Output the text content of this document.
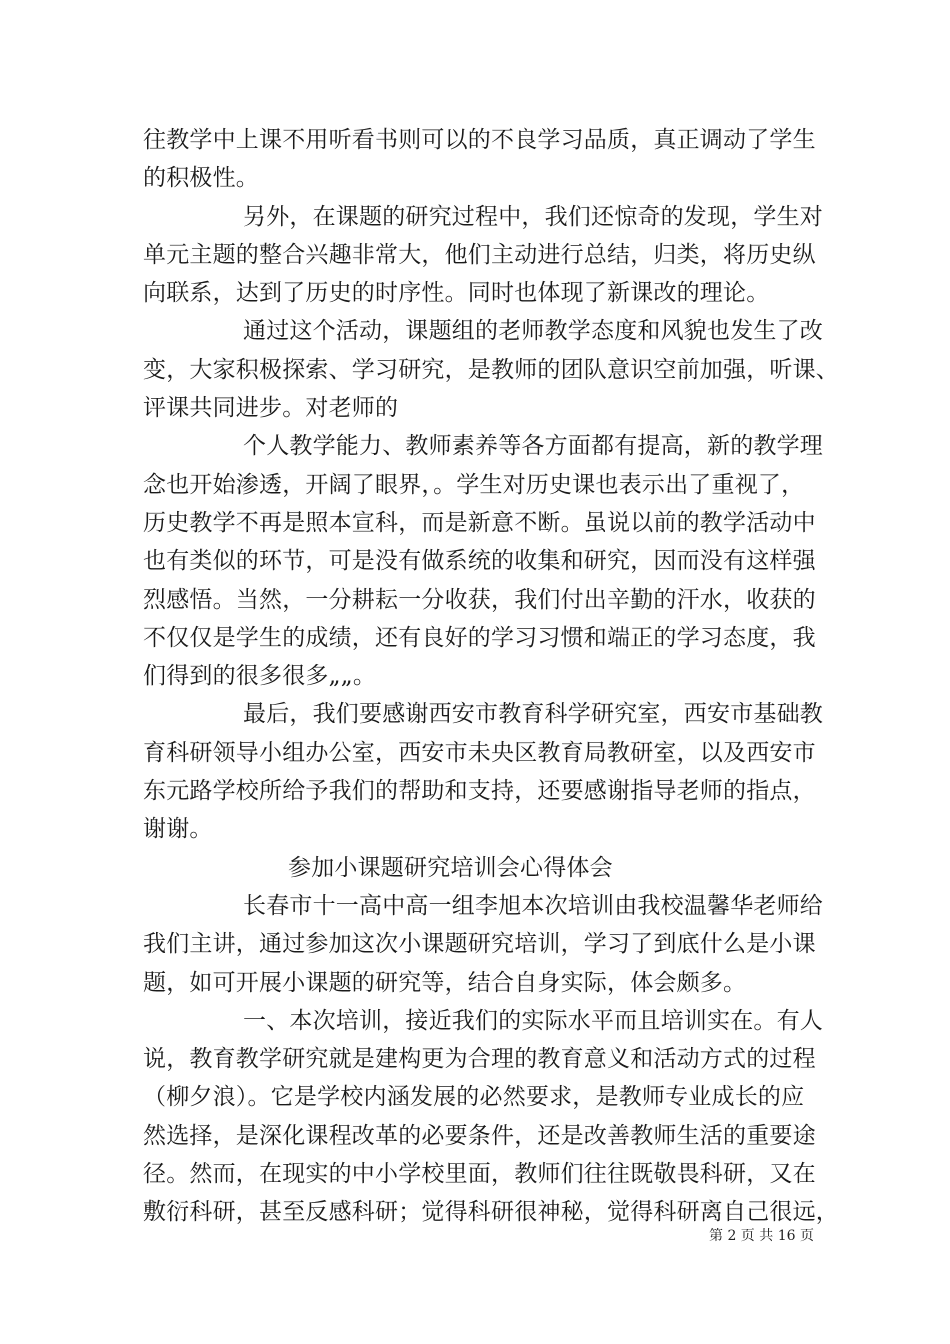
往教学中上课不用听看书则可以的不良学习品质，真正调动了学生
的积极性。
另外，在课题的研究过程中，我们还惊奇的发现，学生对
单元主题的整合兴趣非常大，他们主动进行总结，归类，将历史纵
向联系，达到了历史的时序性。同时也体现了新课改的理论。
通过这个活动，课题组的老师教学态度和风貌也发生了改
变，大家积极探索、学习研究，是教师的团队意识空前加强，听课、
评课共同进步。对老师的
个人教学能力、教师素养等各方面都有提高，新的教学理
念也开始渗透，开阔了眼界，。学生对历史课也表示出了重视了，
历史教学不再是照本宣科，而是新意不断。虽说以前的教学活动中
也有类似的环节，可是没有做系统的收集和研究，因而没有这样强
烈感悟。当然，一分耕耘一分收获，我们付出辛勤的汗水，收获的
不仅仅是学生的成绩，还有良好的学习习惯和端正的学习态度，我
们得到的很多很多„„。
最后，我们要感谢西安市教育科学研究室，西安市基础教
育科研领导小组办公室，西安市未央区教育局教研室，以及西安市
东元路学校所给予我们的帮助和支持，还要感谢指导老师的指点，
谢谢。
参加小课题研究培训会心得体会
长春市十一高中高一组李旭本次培训由我校温馨华老师给
我们主讲，通过参加这次小课题研究培训，学习了到底什么是小课
题，如可开展小课题的研究等，结合自身实际，体会颇多。
一、本次培训，接近我们的实际水平而且培训实在。有人
说，教育教学研究就是建构更为合理的教育意义和活动方式的过程
（柳夕浪）。它是学校内涵发展的必然要求，是教师专业成长的应
然选择，是深化课程改革的必要条件，还是改善教师生活的重要途
径。然而，在现实的中小学校里面，教师们往往既敬畏科研，又在
敷衍科研，甚至反感科研；觉得科研很神秘，觉得科研离自己很远，
第 2 页 共 16 页
